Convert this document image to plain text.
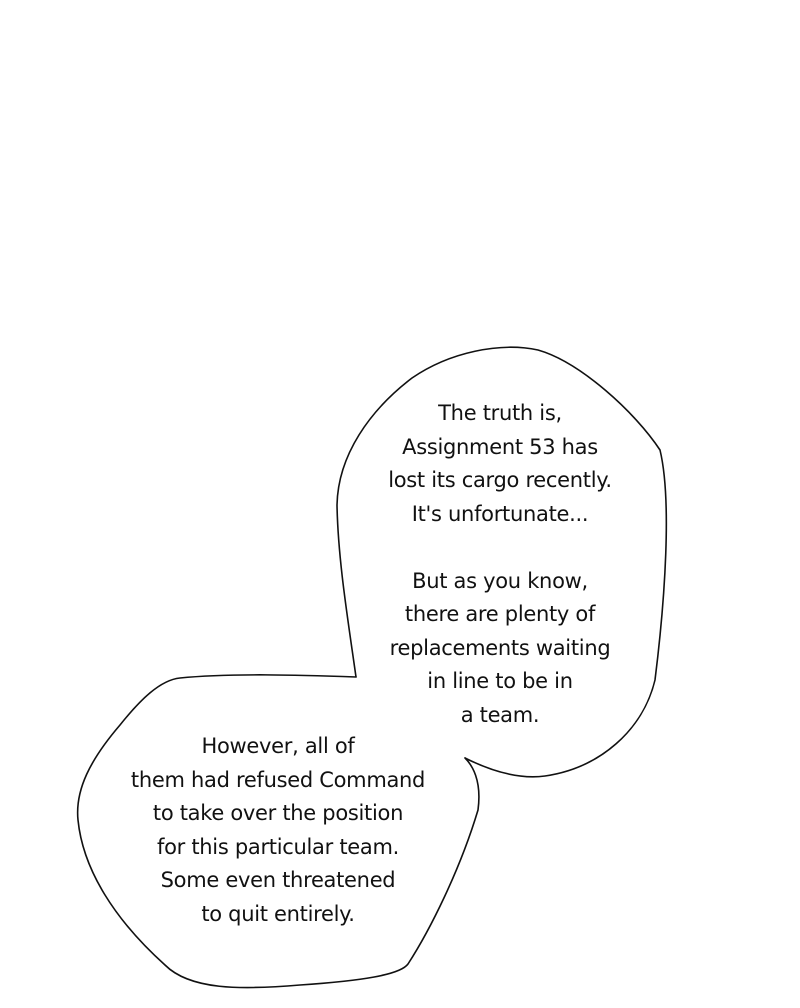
The truth is,
Assignment 53 has
lost its cargo recently.
It's unfortunate...
But as you know,
there are plenty of
replacements waiting
in line to be in
a team.
However, all of
them had refused Command
to take over the position
for this particular team.
Some even threatened
to quit entirely.
